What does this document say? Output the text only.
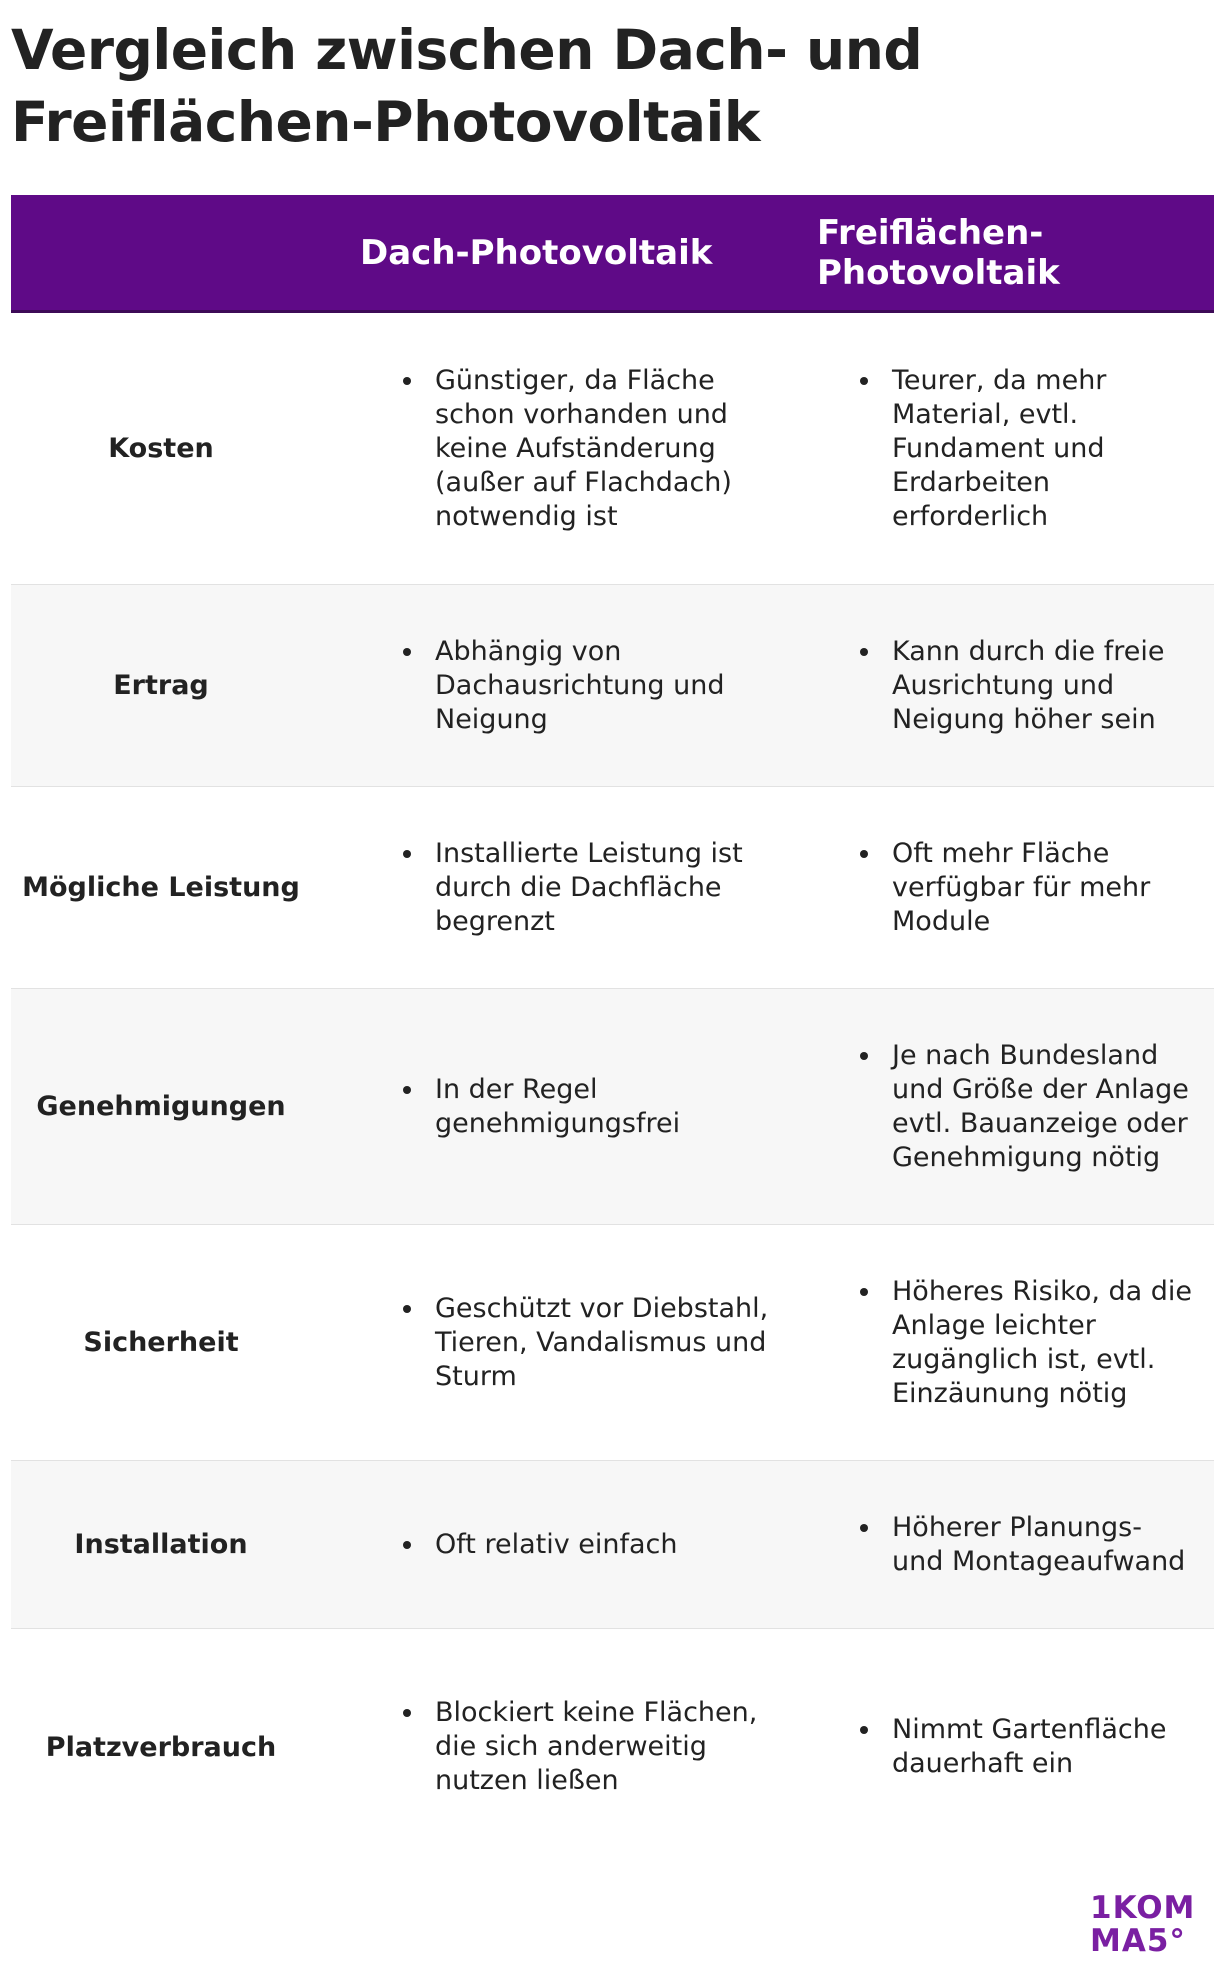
Vergleich zwischen Dach- und Freiflächen-Photovoltaik
Dach-Photovoltaik	Freiflächen-
Photovoltaik
Kosten
Günstiger, da Fläche schon vorhanden und keine Aufständerung (außer auf Flachdach) notwendig ist
Teurer, da mehr Material, evtl. Fundament und Erdarbeiten erforderlich
Ertrag
Abhängig von Dachausrichtung und Neigung
Kann durch die freie Ausrichtung und Neigung höher sein
Mögliche Leistung
Installierte Leistung ist durch die Dachfläche begrenzt
Oft mehr Fläche verfügbar für mehr Module
Genehmigungen
In der Regel genehmigungsfrei
Je nach Bundesland und Größe der Anlage evtl. Bauanzeige oder Genehmigung nötig
Sicherheit
Geschützt vor Diebstahl, Tieren, Vandalismus und Sturm
Höheres Risiko, da die Anlage leichter zugänglich ist, evtl. Einzäunung nötig
Installation	Oft relativ einfach
Höherer Planungs- und Montageaufwand
Platzverbrauch
Blockiert keine Flächen, die sich anderweitig nutzen ließen
Nimmt Gartenfläche dauerhaft ein
1KOM
MA5°
